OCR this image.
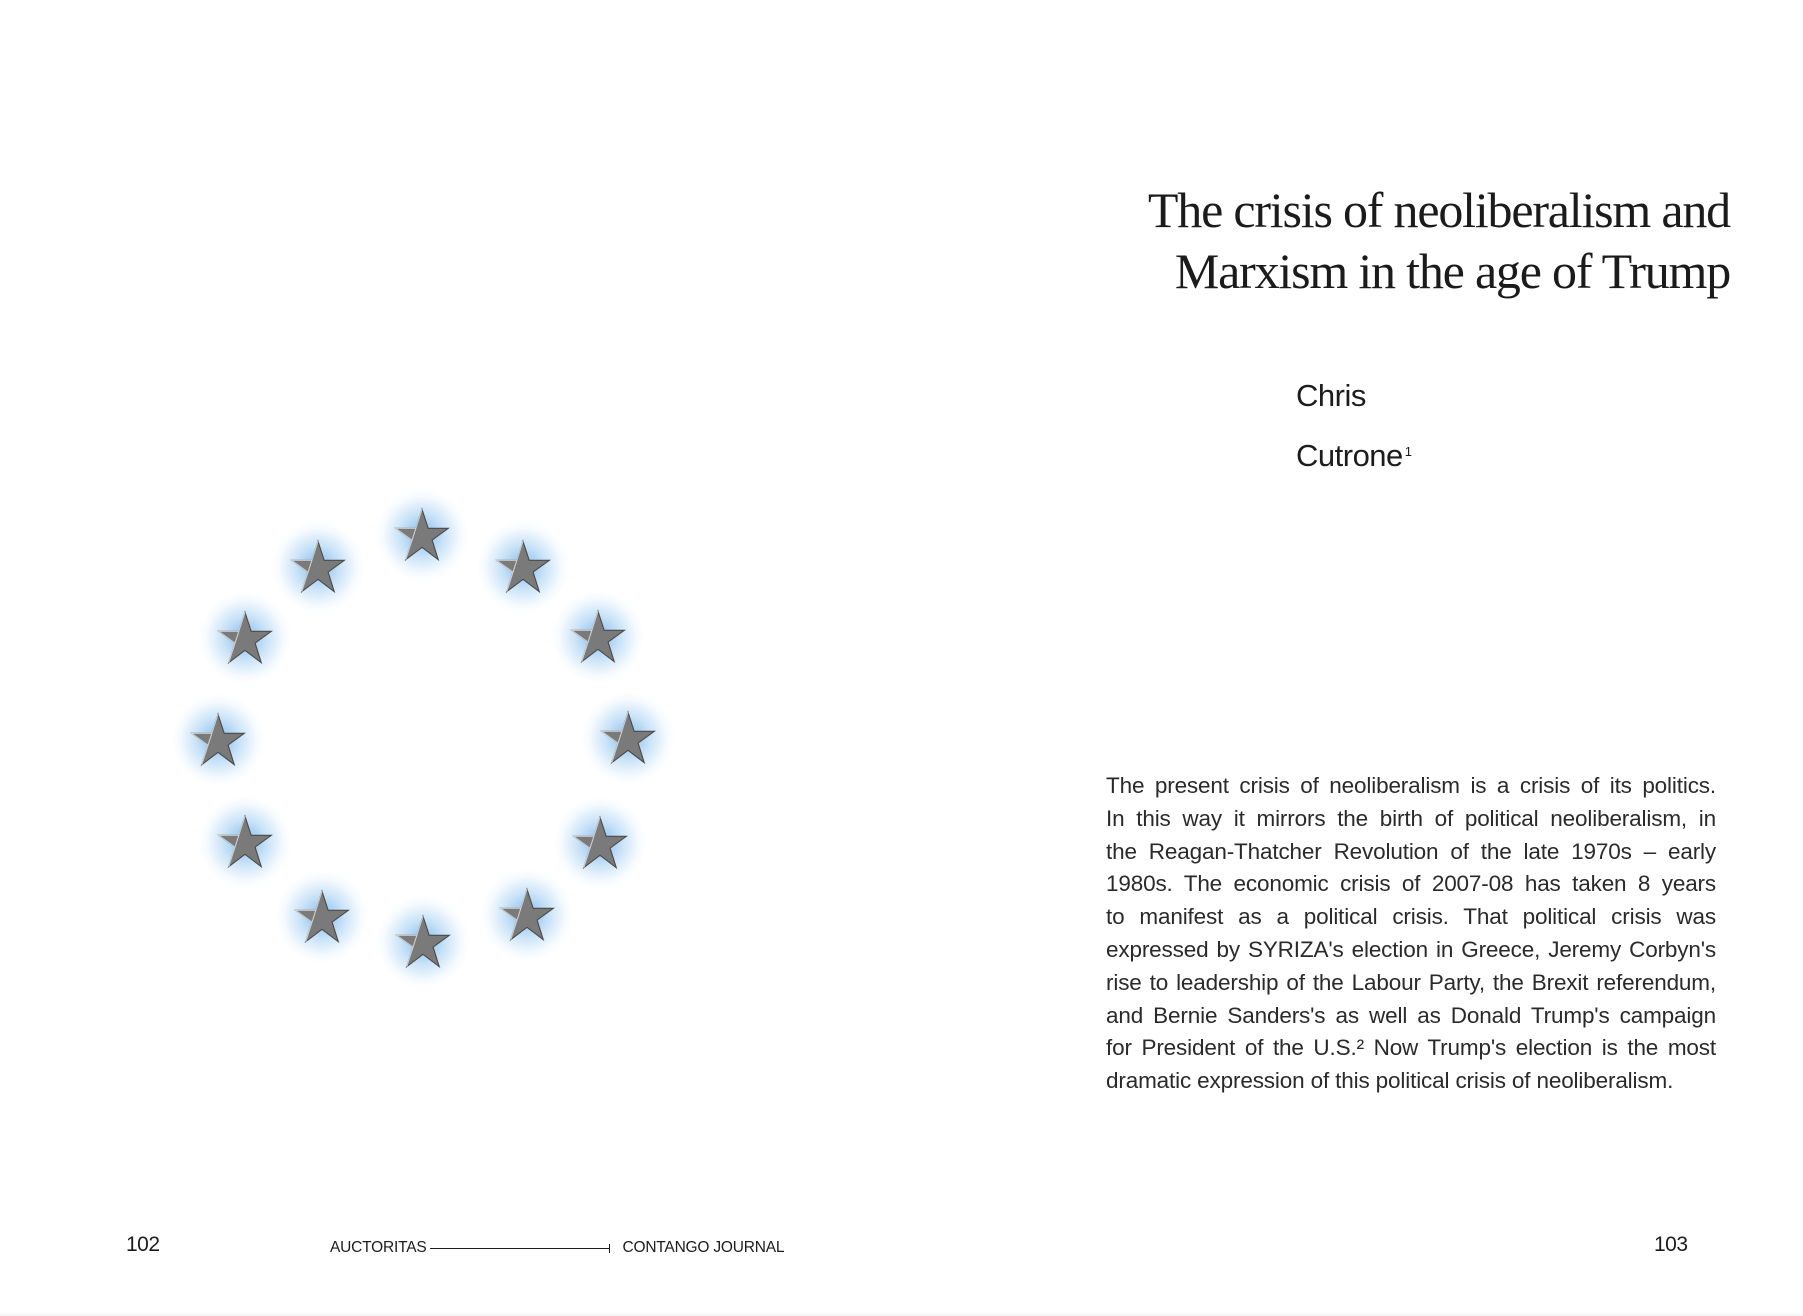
The crisis of neoliberalism and
Marxism in the age of Trump
Chris
Cutrone $^1$
The present crisis of neoliberalism is a crisis of its politics.
In this way it mirrors the birth of political neoliberalism, in
the Reagan-Thatcher Revolution of the late 1970s – early
1980s. The economic crisis of 2007-08 has taken 8 years
to manifest as a political crisis. That political crisis was
expressed by SYRIZA's election in Greece, Jeremy Corbyn's
rise to leadership of the Labour Party, the Brexit referendum,
and Bernie Sanders's as well as Donald Trump's campaign
for President of the U.S.² Now Trump's election is the most
dramatic expression of this political crisis of neoliberalism.
102	AUCTORITAS	CONTANGO JOURNAL	103
